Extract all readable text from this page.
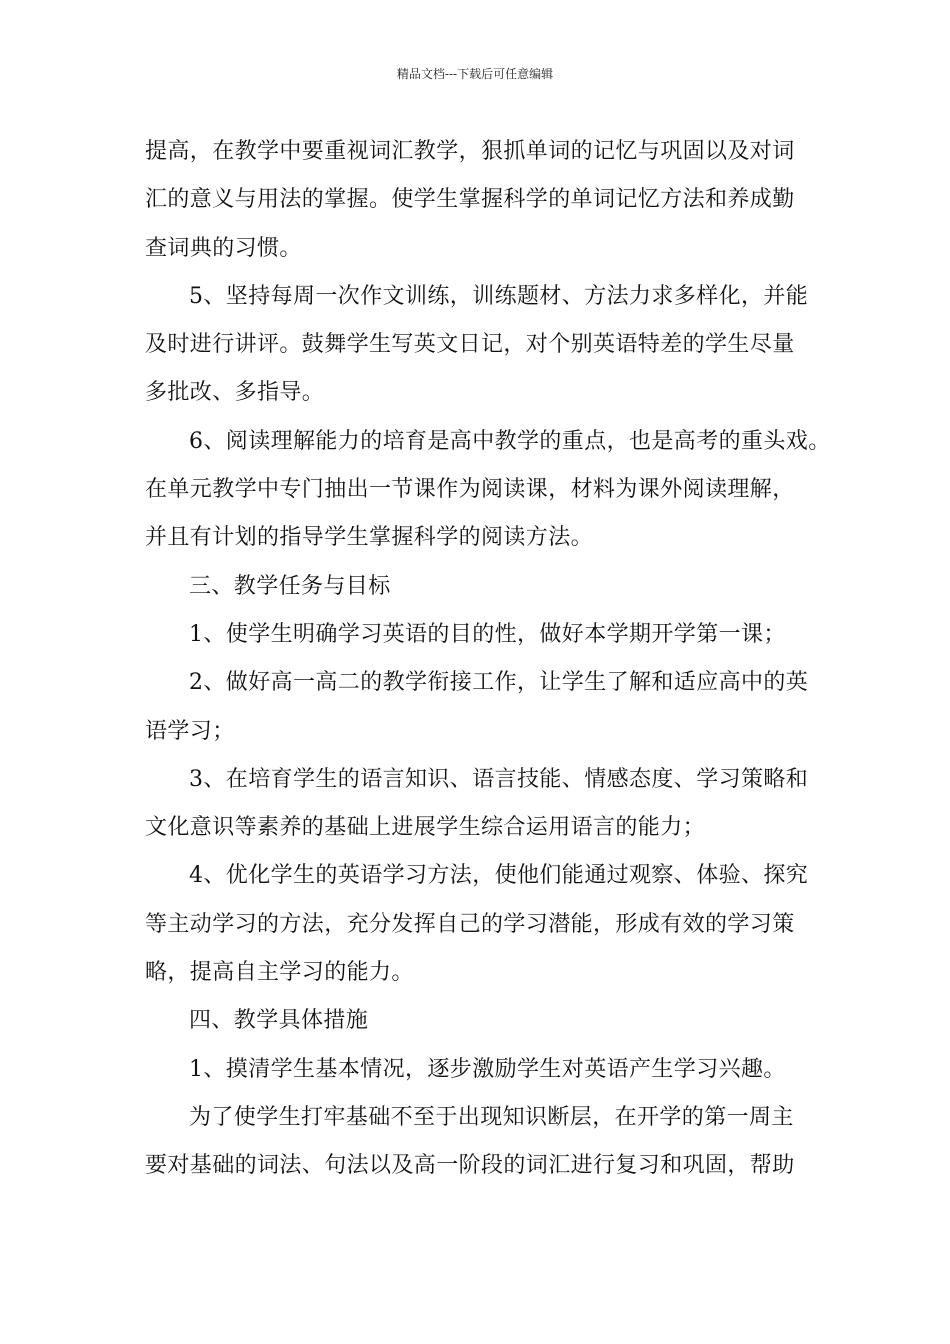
精品文档---下载后可任意编辑
提高，在教学中要重视词汇教学，狠抓单词的记忆与巩固以及对词
汇的意义与用法的掌握。使学生掌握科学的单词记忆方法和养成勤
查词典的习惯。
5、坚持每周一次作文训练，训练题材、方法力求多样化，并能
及时进行讲评。鼓舞学生写英文日记，对个别英语特差的学生尽量
多批改、多指导。
6、阅读理解能力的培育是高中教学的重点，也是高考的重头戏。
在单元教学中专门抽出一节课作为阅读课，材料为课外阅读理解，
并且有计划的指导学生掌握科学的阅读方法。
三、教学任务与目标
1、使学生明确学习英语的目的性，做好本学期开学第一课；
2、做好高一高二的教学衔接工作，让学生了解和适应高中的英
语学习；
3、在培育学生的语言知识、语言技能、情感态度、学习策略和
文化意识等素养的基础上进展学生综合运用语言的能力；
4、优化学生的英语学习方法，使他们能通过观察、体验、探究
等主动学习的方法，充分发挥自己的学习潜能，形成有效的学习策
略，提高自主学习的能力。
四、教学具体措施
1、摸清学生基本情况，逐步激励学生对英语产生学习兴趣。
为了使学生打牢基础不至于出现知识断层，在开学的第一周主
要对基础的词法、句法以及高一阶段的词汇进行复习和巩固，帮助
